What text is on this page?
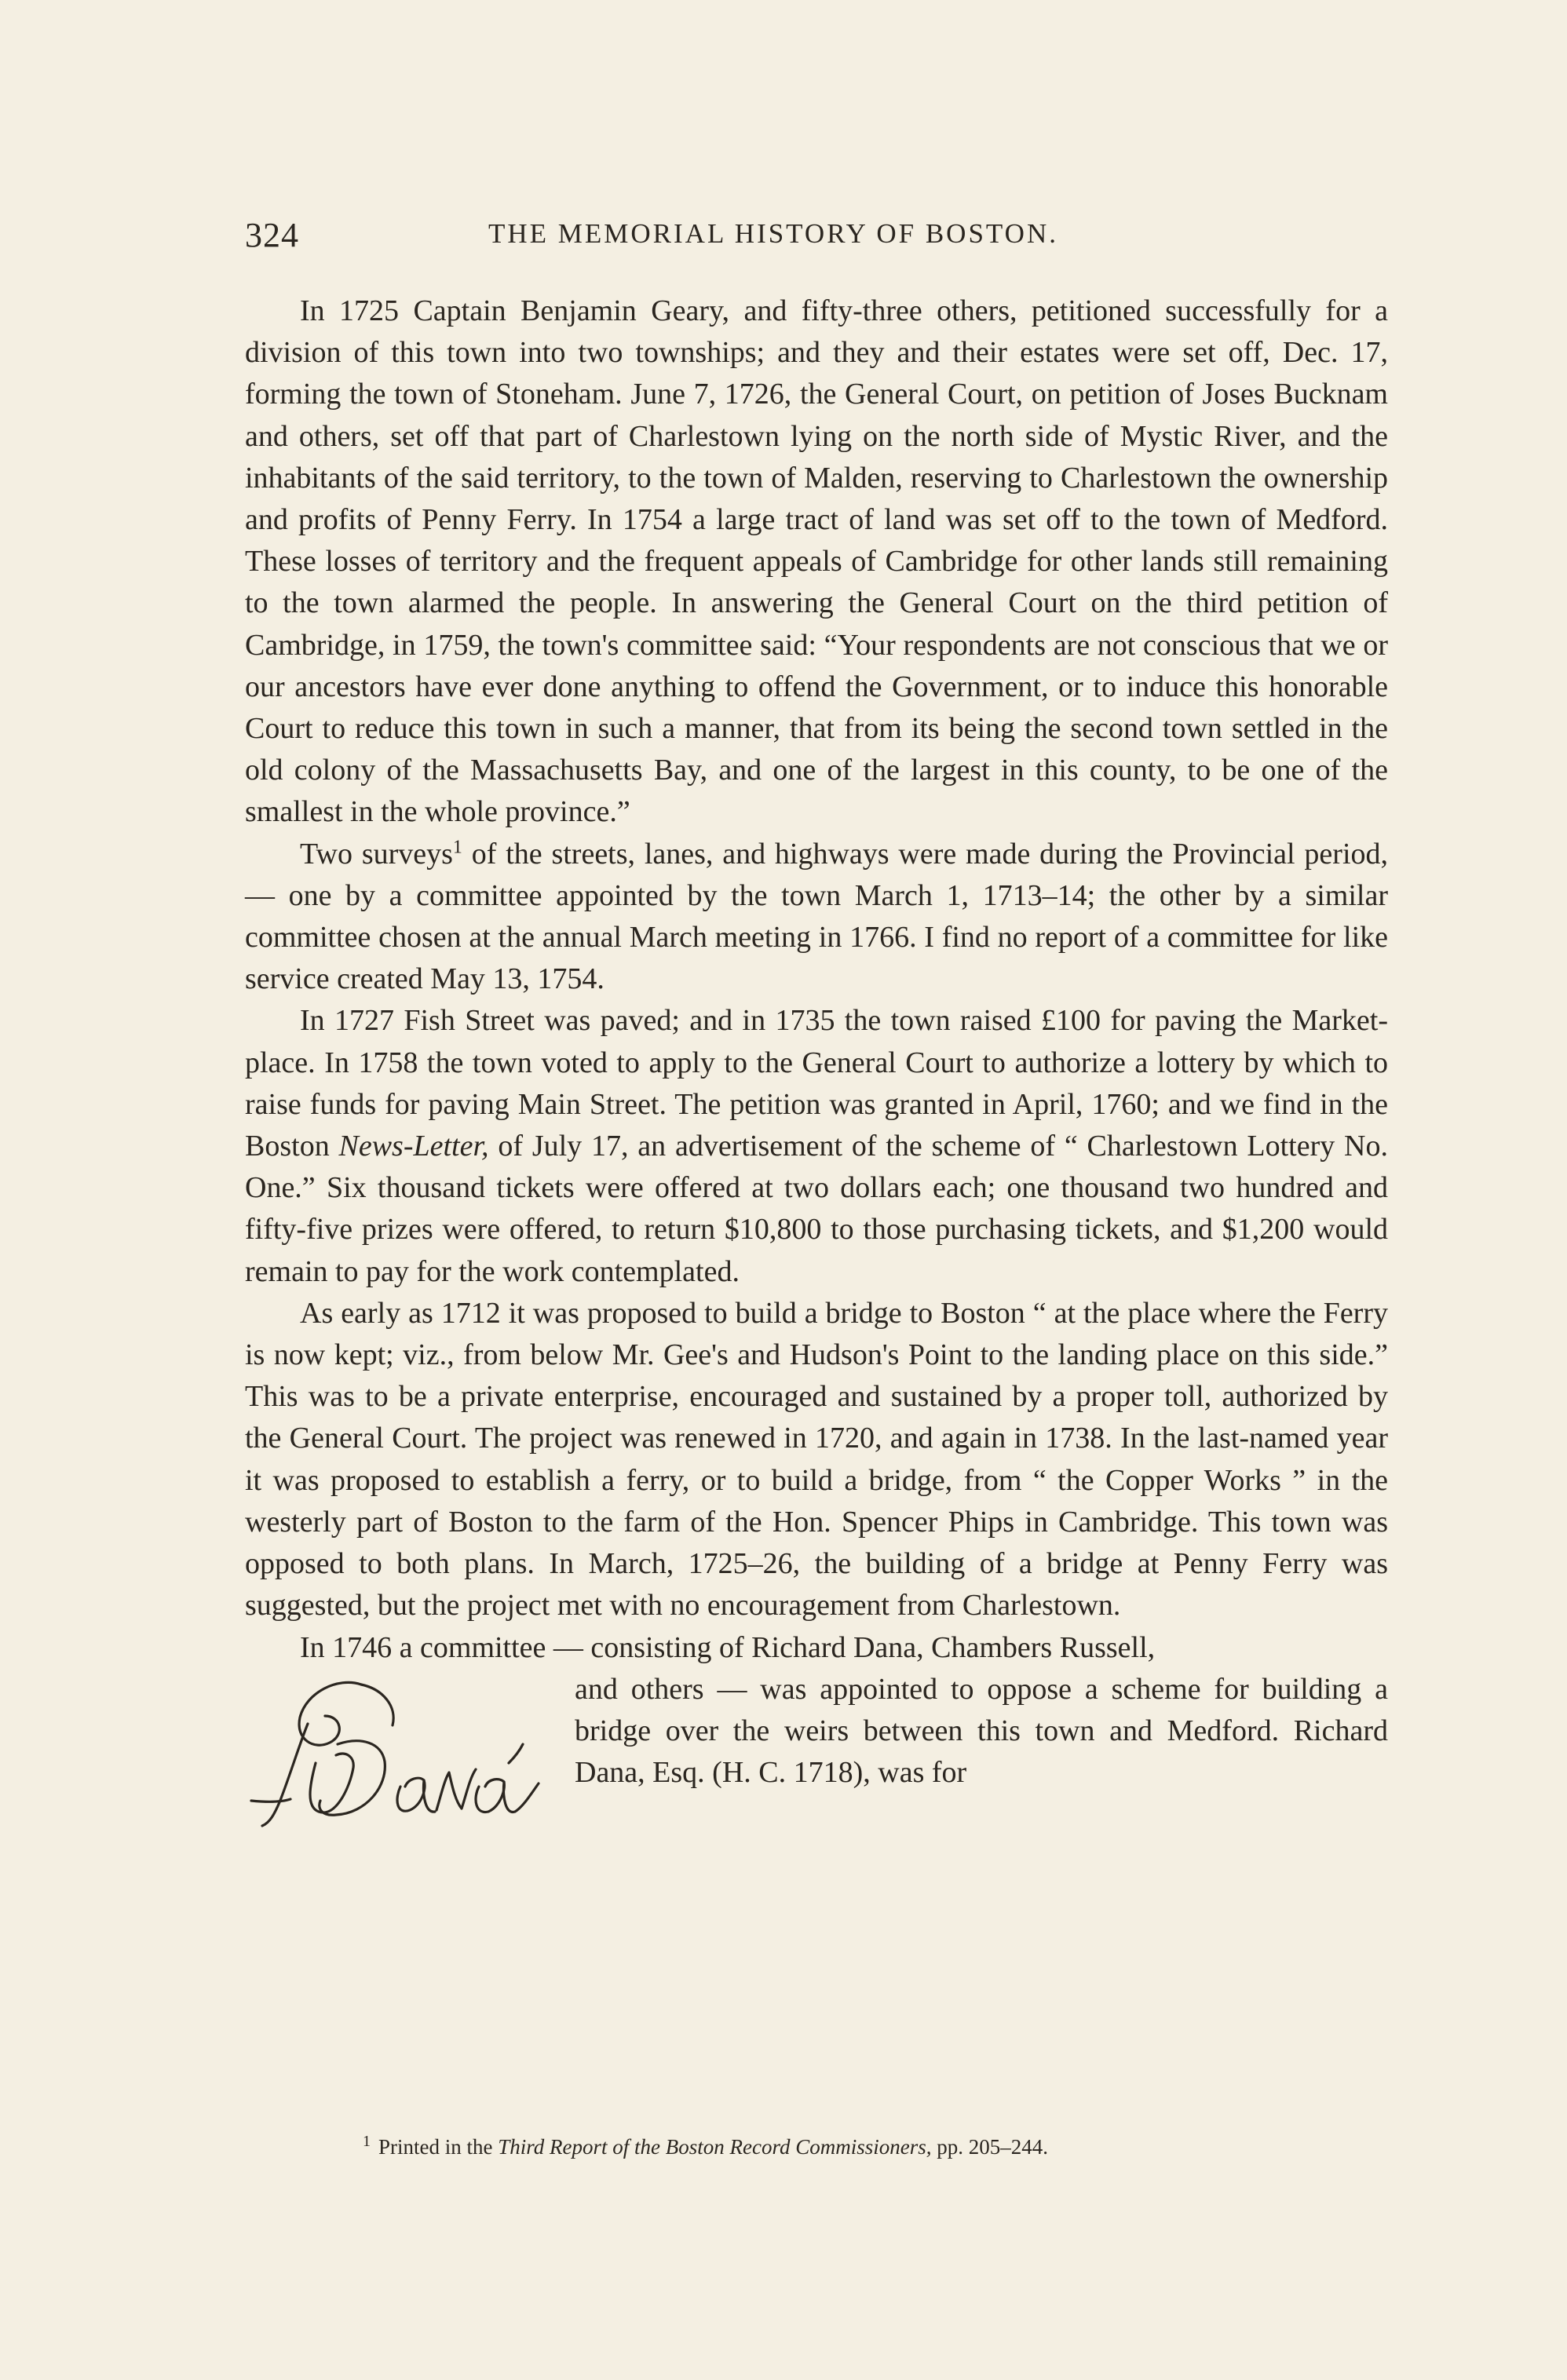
324	THE MEMORIAL HISTORY OF BOSTON.

In 1725 Captain Benjamin Geary, and fifty-three others, petitioned successfully for a division of this town into two townships; and they and their estates were set off, Dec. 17, forming the town of Stoneham. June 7, 1726, the General Court, on petition of Joses Bucknam and others, set off that part of Charlestown lying on the north side of Mystic River, and the inhabitants of the said territory, to the town of Malden, reserving to Charlestown the ownership and profits of Penny Ferry. In 1754 a large tract of land was set off to the town of Medford. These losses of territory and the frequent appeals of Cambridge for other lands still remaining to the town alarmed the people. In answering the General Court on the third petition of Cambridge, in 1759, the town's committee said: “Your respondents are not conscious that we or our ancestors have ever done anything to offend the Government, or to induce this honorable Court to reduce this town in such a manner, that from its being the second town settled in the old colony of the Massachusetts Bay, and one of the largest in this county, to be one of the smallest in the whole province.”

Two surveys$^1$ of the streets, lanes, and highways were made during the Provincial period, — one by a committee appointed by the town March 1, 1713–14; the other by a similar committee chosen at the annual March meeting in 1766. I find no report of a committee for like service created May 13, 1754.

In 1727 Fish Street was paved; and in 1735 the town raised £100 for paving the Market-place. In 1758 the town voted to apply to the General Court to authorize a lottery by which to raise funds for paving Main Street. The petition was granted in April, 1760; and we find in the Boston News-Letter, of July 17, an advertisement of the scheme of “ Charlestown Lottery No. One.” Six thousand tickets were offered at two dollars each; one thousand two hundred and fifty-five prizes were offered, to return $10,800 to those purchasing tickets, and $1,200 would remain to pay for the work contemplated.

As early as 1712 it was proposed to build a bridge to Boston “ at the place where the Ferry is now kept; viz., from below Mr. Gee's and Hudson's Point to the landing place on this side.” This was to be a private enterprise, encouraged and sustained by a proper toll, authorized by the General Court. The project was renewed in 1720, and again in 1738. In the last-named year it was proposed to establish a ferry, or to build a bridge, from “ the Copper Works ” in the westerly part of Boston to the farm of the Hon. Spencer Phips in Cambridge. This town was opposed to both plans. In March, 1725–26, the building of a bridge at Penny Ferry was suggested, but the project met with no encouragement from Charlestown.

In 1746 a committee — consisting of Richard Dana, Chambers Russell,

and others — was appointed to oppose a scheme for building a bridge over the weirs between this town and Medford. Richard Dana, Esq. (H. C. 1718), was for
$^1$ Printed in the Third Report of the Boston Record Commissioners, pp. 205–244.
